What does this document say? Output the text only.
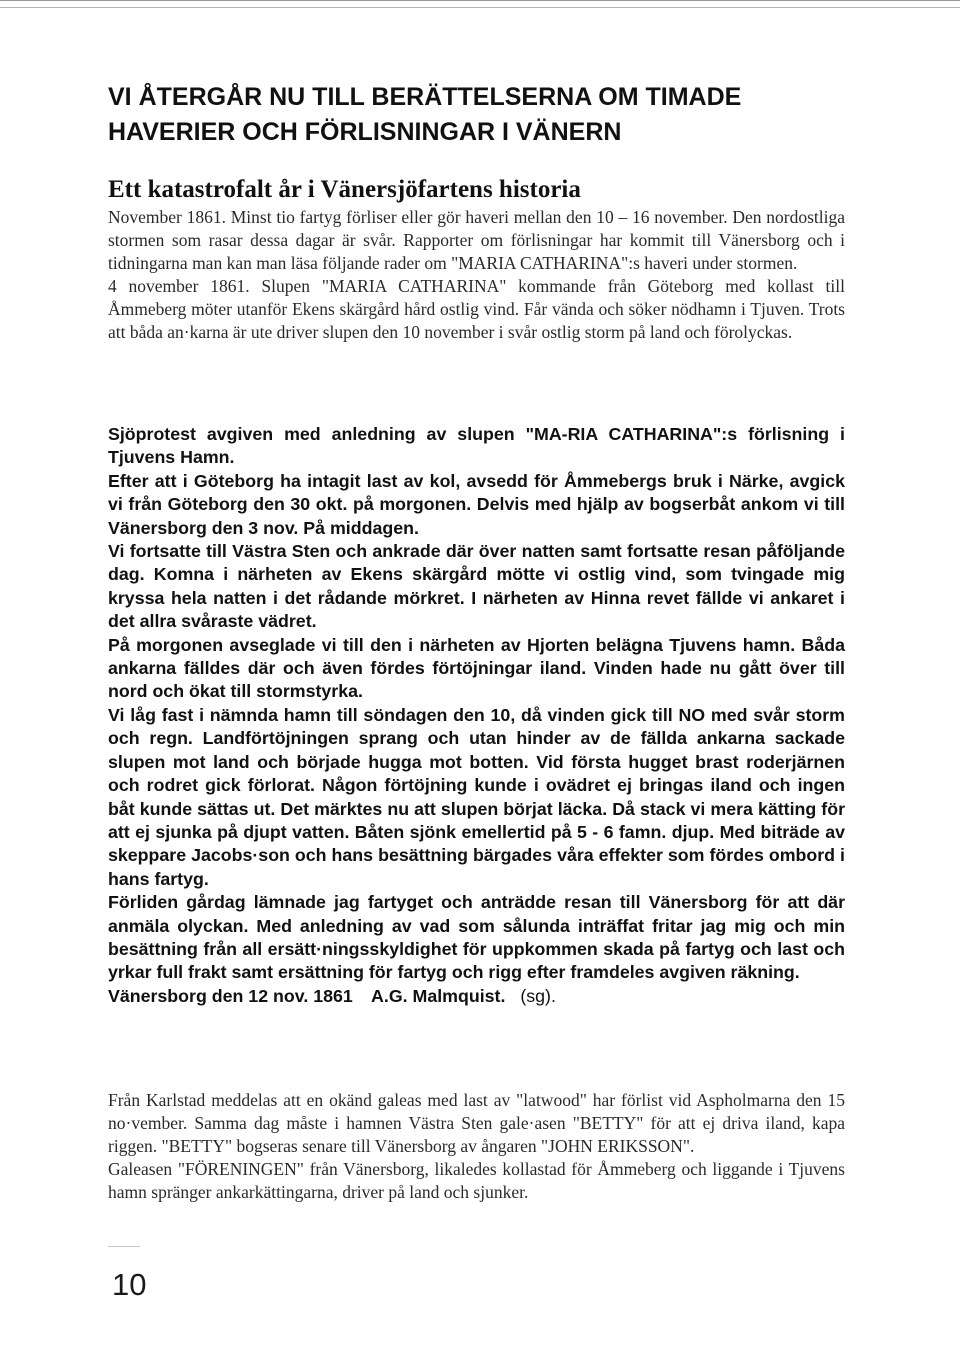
VI ÅTERGÅR NU TILL BERÄTTELSERNA OM TIMADE
HAVERIER OCH FÖRLISNINGAR I VÄNERN
Ett katastrofalt år i Vänersjöfartens historia

November 1861. Minst tio fartyg förliser eller gör haveri mellan den 10 – 16 november. Den nordostliga stormen som rasar dessa dagar är svår. Rapporter om förlisningar har kommit till Vänersborg och i tidningarna man kan man läsa följande rader om "MARIA CATHARINA":s haveri under stormen.

4 november 1861. Slupen "MARIA CATHARINA" kommande från Göteborg med kollast till Åmmeberg möter utanför Ekens skärgård hård ostlig vind. Får vända och söker nödhamn i Tjuven. Trots att båda an·karna är ute driver slupen den 10 november i svår ostlig storm på land och förolyckas.

Sjöprotest avgiven med anledning av slupen "MA-RIA CATHARINA":s förlisning i Tjuvens Hamn.

Efter att i Göteborg ha intagit last av kol, avsedd för Åmmebergs bruk i Närke, avgick vi från Göteborg den 30 okt. på morgonen. Delvis med hjälp av bogserbåt ankom vi till Vänersborg den 3 nov. På middagen.

Vi fortsatte till Västra Sten och ankrade där över natten samt fortsatte resan påföljande dag. Komna i närheten av Ekens skärgård mötte vi ostlig vind, som tvingade mig kryssa hela natten i det rådande mörkret. I närheten av Hinna revet fällde vi ankaret i det allra svåraste vädret.

På morgonen avseglade vi till den i närheten av Hjorten belägna Tjuvens hamn. Båda ankarna fälldes där och även fördes förtöjningar iland. Vinden hade nu gått över till nord och ökat till stormstyrka.

Vi låg fast i nämnda hamn till söndagen den 10, då vinden gick till NO med svår storm och regn. Landförtöjningen sprang och utan hinder av de fällda ankarna sackade slupen mot land och började hugga mot botten. Vid första hugget brast roderjärnen och rodret gick förlorat. Någon förtöjning kunde i ovädret ej bringas iland och ingen båt kunde sättas ut. Det märktes nu att slupen börjat läcka. Då stack vi mera kätting för att ej sjunka på djupt vatten. Båten sjönk emellertid på 5 - 6 famn. djup. Med biträde av skeppare Jacobs·son och hans besättning bärgades våra effekter som fördes ombord i hans fartyg.

Förliden gårdag lämnade jag fartyget och anträdde resan till Vänersborg för att där anmäla olyckan. Med anledning av vad som sålunda inträffat fritar jag mig och min besättning från all ersätt·ningsskyldighet för uppkommen skada på fartyg och last och yrkar full frakt samt ersättning för fartyg och rigg efter framdeles avgiven räkning.

Vänersborg den 12 nov. 1861 A.G. Malmquist. (sg).

Från Karlstad meddelas att en okänd galeas med last av "latwood" har förlist vid Aspholmarna den 15 no·vember. Samma dag måste i hamnen Västra Sten gale·asen "BETTY" för att ej driva iland, kapa riggen. "BETTY" bogseras senare till Vänersborg av ångaren "JOHN ERIKSSON".

Galeasen "FÖRENINGEN" från Vänersborg, likaledes kollastad för Åmmeberg och liggande i Tjuvens hamn spränger ankarkättingarna, driver på land och sjunker.

10
